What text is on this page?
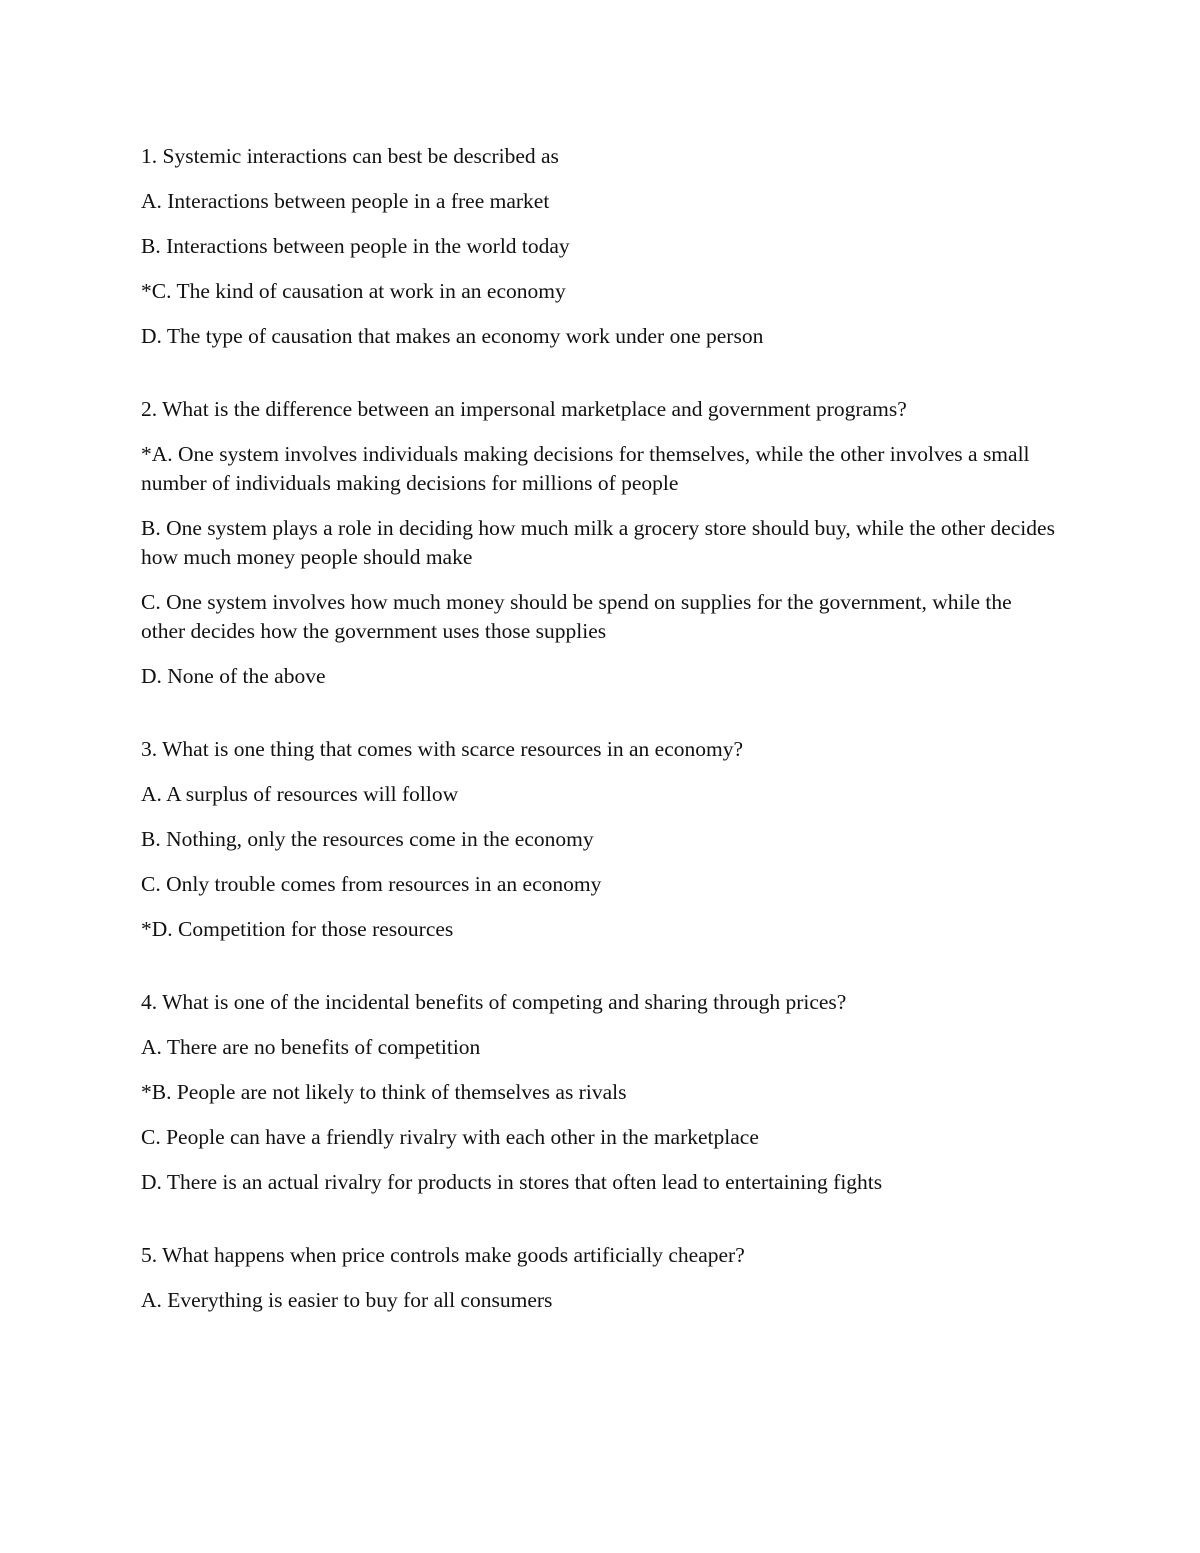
1. Systemic interactions can best be described as
A. Interactions between people in a free market
B. Interactions between people in the world today
*C. The kind of causation at work in an economy
D. The type of causation that makes an economy work under one person
2. What is the difference between an impersonal marketplace and government programs?
*A. One system involves individuals making decisions for themselves, while the other involves a small number of individuals making decisions for millions of people
B. One system plays a role in deciding how much milk a grocery store should buy, while the other decides how much money people should make
C. One system involves how much money should be spend on supplies for the government, while the other decides how the government uses those supplies
D. None of the above
3. What is one thing that comes with scarce resources in an economy?
A. A surplus of resources will follow
B. Nothing, only the resources come in the economy
C. Only trouble comes from resources in an economy
*D. Competition for those resources
4. What is one of the incidental benefits of competing and sharing through prices?
A. There are no benefits of competition
*B. People are not likely to think of themselves as rivals
C. People can have a friendly rivalry with each other in the marketplace
D. There is an actual rivalry for products in stores that often lead to entertaining fights
5. What happens when price controls make goods artificially cheaper?
A. Everything is easier to buy for all consumers
